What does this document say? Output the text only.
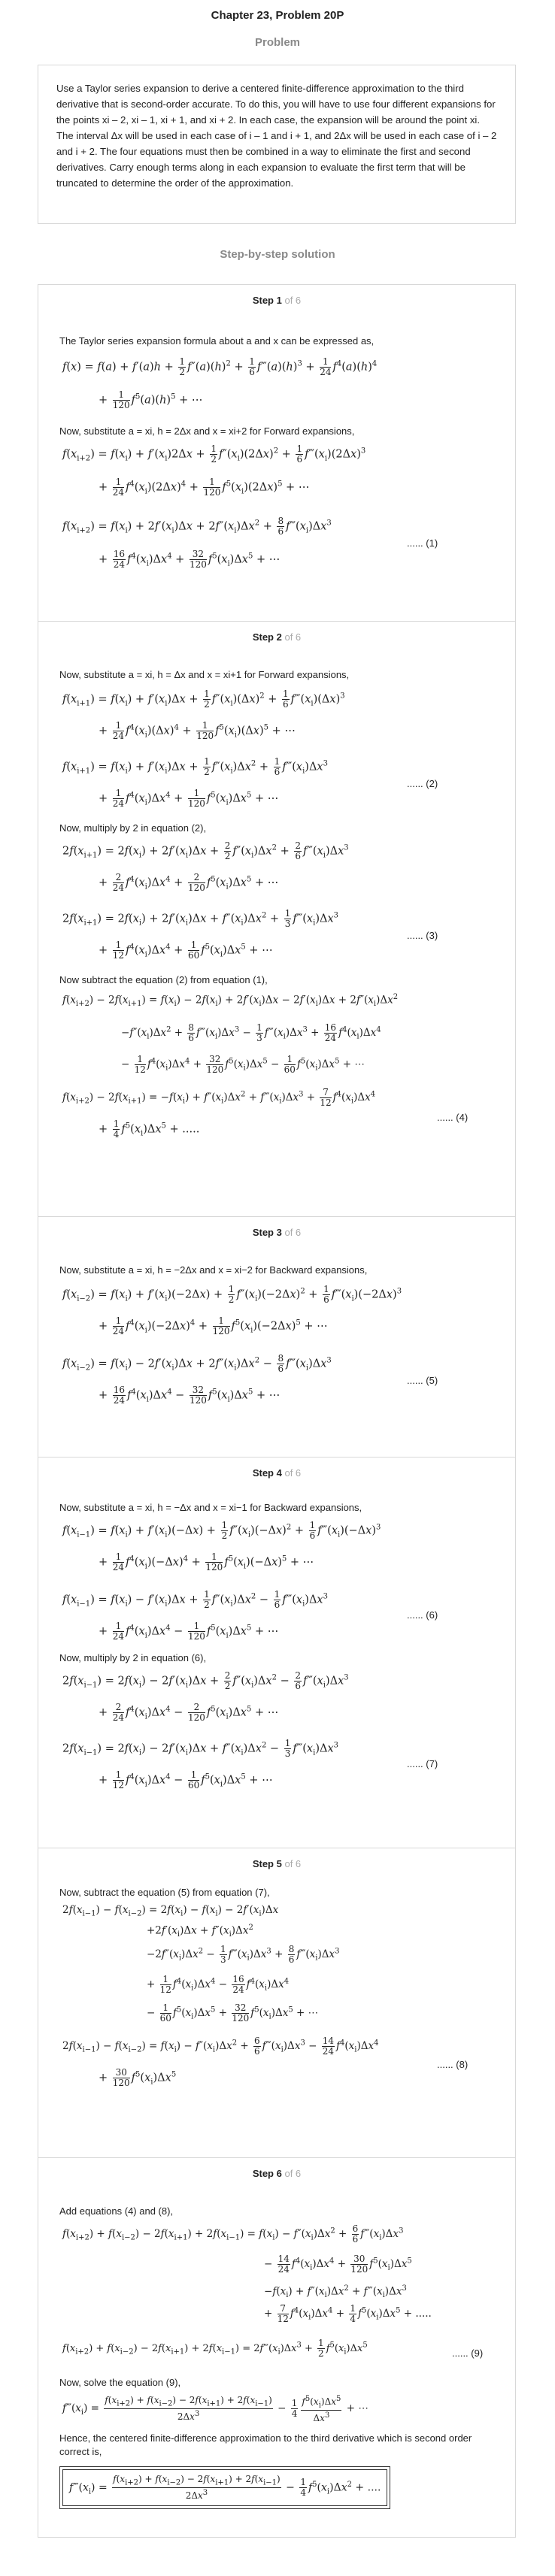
Chapter 23, Problem 20P
Problem
Use a Taylor series expansion to derive a centered finite-difference approximation to the third derivative that is second-order accurate. To do this, you will have to use four different expansions for the points xi – 2, xi – 1, xi + 1, and xi + 2. In each case, the expansion will be around the point xi. The interval Δx will be used in each case of i – 1 and i + 1, and 2Δx will be used in each case of i – 2 and i + 2. The four equations must then be combined in a way to eliminate the first and second derivatives. Carry enough terms along in each expansion to evaluate the first term that will be truncated to determine the order of the approximation.
Step-by-step solution
Step 1 of 6
The Taylor series expansion formula about a and x can be expressed as,
$f(x) = f(a) + f'(a)h + \frac{1}{2} f''(a)(h)^2 + \frac{1}{6}$ $f‴(a)(h)^3 + \frac{1}{24} f^4(a)(h)^4$
+ $\frac{1}{120} f^5(a)(h)^5$ + ⋯
Now, substitute a = xi, h = 2Δx and x = xi+2 for Forward expansions,
$f(x_{i+2}) = f(x_i) + f'(x_i)2\Delta x + \frac{1}{2} f''(x_i)(2\Delta x)^2 + \frac{1}{6}$ $f‴(x_i)(2\Delta x)^3$
+ $\frac{1}{24} f^4(x_i)(2\Delta x)^4 + \frac{1}{120} f^5(x_i)(2\Delta x)^5$ + ⋯
$f(x_{i+2}) = f(x_i) + 2f'(x_i)\Delta x + 2f''(x_i)\Delta x^2 + \frac{8}{6}$ $f‴(x_i)\Delta x^3$
+ $\frac{16}{24} f^4(x_i)\Delta x^4 + \frac{32}{120} f^5(x_i)\Delta x^5$ + ⋯
...... (1)
Step 2 of 6
Now, substitute a = xi, h = Δx and x = xi+1 for Forward expansions,
$f(x_{i+1}) = f(x_i) + f'(x_i)\Delta x + \frac{1}{2} f''(x_i)(\Delta x)^2 + \frac{1}{6}$ $f‴(x_i)(\Delta x)^3$
+ $\frac{1}{24} f^4(x_i)(\Delta x)^4 + \frac{1}{120} f^5(x_i)(\Delta x)^5$ + ⋯
$f(x_{i+1}) = f(x_i) + f'(x_i)\Delta x + \frac{1}{2} f''(x_i)\Delta x^2 + \frac{1}{6}$ $f‴(x_i)\Delta x^3$
+ $\frac{1}{24} f^4(x_i)\Delta x^4 + \frac{1}{120} f^5(x_i)\Delta x^5$ + ⋯
...... (2)
Now, multiply by 2 in equation (2),
$2f(x_{i+1}) = 2f(x_i) + 2f'(x_i)\Delta x + \frac{2}{2} f''(x_i)\Delta x^2 + \frac{2}{6}$ $f‴(x_i)\Delta x^3$
+ $\frac{2}{24} f^4(x_i)\Delta x^4 + \frac{2}{120} f^5(x_i)\Delta x^5$ + ⋯
$2f(x_{i+1}) = 2f(x_i) + 2f'(x_i)\Delta x + f''(x_i)\Delta x^2 + \frac{1}{3}$ $f‴(x_i)\Delta x^3$
+ $\frac{1}{12} f^4(x_i)\Delta x^4 + \frac{1}{60} f^5(x_i)\Delta x^5$ + ⋯
...... (3)
Now subtract the equation (2) from equation (1),
$f(x_{i+2}) - 2f(x_{i+1}) = f(x_i) - 2f(x_i) + 2f'(x_i)\Delta x - 2f'(x_i)\Delta x + 2f''(x_i)\Delta x^2$
$-f''(x_i)\Delta x^2 + \frac{8}{6}$ $f‴(x_i)\Delta x^3 - \frac{1}{3}$ $f‴(x_i)\Delta x^3 + \frac{16}{24} f^4(x_i)\Delta x^4$
− $\frac{1}{12} f^4(x_i)\Delta x^4 + \frac{32}{120} f^5(x_i)\Delta x^5 - \frac{1}{60} f^5(x_i)\Delta x^5$ + ⋯
$f(x_{i+2}) - 2f(x_{i+1}) = -f(x_i) + f''(x_i)\Delta x^2$ + $f‴(x_i)\Delta x^3 + \frac{7}{12} f^4(x_i)\Delta x^4$
+ $\frac{1}{4} f^5(x_i)\Delta x^5$ + .....
...... (4)
Step 3 of 6
Now, substitute a = xi, h = −2Δx and x = xi−2 for Backward expansions,
$f(x_{i-2}) = f(x_i) + f'(x_i)(-2\Delta x) + \frac{1}{2} f''(x_i)(-2\Delta x)^2 + \frac{1}{6}$ $f‴(x_i)(-2\Delta x)^3$
+ $\frac{1}{24} f^4(x_i)(-2\Delta x)^4 + \frac{1}{120} f^5(x_i)(-2\Delta x)^5$ + ⋯
$f(x_{i-2}) = f(x_i) - 2f'(x_i)\Delta x + 2f''(x_i)\Delta x^2 - \frac{8}{6}$ $f‴(x_i)\Delta x^3$
+ $\frac{16}{24} f^4(x_i)\Delta x^4 - \frac{32}{120} f^5(x_i)\Delta x^5$ + ⋯
...... (5)
Step 4 of 6
Now, substitute a = xi, h = −Δx and x = xi−1 for Backward expansions,
$f(x_{i-1}) = f(x_i) + f'(x_i)(-\Delta x) + \frac{1}{2} f''(x_i)(-\Delta x)^2 + \frac{1}{6}$ $f‴(x_i)(-\Delta x)^3$
+ $\frac{1}{24} f^4(x_i)(-\Delta x)^4 + \frac{1}{120} f^5(x_i)(-\Delta x)^5$ + ⋯
$f(x_{i-1}) = f(x_i) - f'(x_i)\Delta x + \frac{1}{2} f''(x_i)\Delta x^2 - \frac{1}{6}$ $f‴(x_i)\Delta x^3$
+ $\frac{1}{24} f^4(x_i)\Delta x^4 - \frac{1}{120} f^5(x_i)\Delta x^5$ + ⋯
...... (6)
Now, multiply by 2 in equation (6),
$2f(x_{i-1}) = 2f(x_i) - 2f'(x_i)\Delta x + \frac{2}{2} f''(x_i)\Delta x^2 - \frac{2}{6}$ $f‴(x_i)\Delta x^3$
+ $\frac{2}{24} f^4(x_i)\Delta x^4 - \frac{2}{120} f^5(x_i)\Delta x^5$ + ⋯
$2f(x_{i-1}) = 2f(x_i) - 2f'(x_i)\Delta x + f''(x_i)\Delta x^2 - \frac{1}{3}$ $f‴(x_i)\Delta x^3$
+ $\frac{1}{12} f^4(x_i)\Delta x^4 - \frac{1}{60} f^5(x_i)\Delta x^5$ + ⋯
...... (7)
Step 5 of 6
Now, subtract the equation (5) from equation (7),
$2f(x_{i-1}) - f(x_{i-2}) = 2f(x_i) - f(x_i) - 2f'(x_i)\Delta x$
$+2f'(x_i)\Delta x + f''(x_i)\Delta x^2$
$-2f''(x_i)\Delta x^2 - \frac{1}{3}$ $f‴(x_i)\Delta x^3 + \frac{8}{6}$ $f‴(x_i)\Delta x^3$
+ $\frac{1}{12} f^4(x_i)\Delta x^4 - \frac{16}{24} f^4(x_i)\Delta x^4$
− $\frac{1}{60} f^5(x_i)\Delta x^5 + \frac{32}{120} f^5(x_i)\Delta x^5$ + ⋯
$2f(x_{i-1}) - f(x_{i-2}) = f(x_i) - f''(x_i)\Delta x^2 + \frac{6}{6}$ $f‴(x_i)\Delta x^3 - \frac{14}{24} f^4(x_i)\Delta x^4$
+ $\frac{30}{120} f^5(x_i)\Delta x^5$
...... (8)
Step 6 of 6
Add equations (4) and (8),
$f(x_{i+2}) + f(x_{i-2}) - 2f(x_{i+1}) + 2f(x_{i-1}) = f(x_i) - f''(x_i)\Delta x^2 + \frac{6}{6}$ $f‴(x_i)\Delta x^3$
− $\frac{14}{24} f^4(x_i)\Delta x^4 + \frac{30}{120} f^5(x_i)\Delta x^5$
$-f(x_i) + f''(x_i)\Delta x^2$ + $f‴(x_i)\Delta x^3$
+ $\frac{7}{12} f^4(x_i)\Delta x^4 + \frac{1}{4} f^5(x_i)\Delta x^5$ + .....
$f(x_{i+2}) + f(x_{i-2}) - 2f(x_{i+1}) + 2f(x_{i-1})$ = $2f‴(x_i)\Delta x^3 + \frac{1}{2} f^5(x_i)\Delta x^5$
...... (9)
Now, solve the equation (9),
$f‴(x_i) = \frac{f(x_{i+2}) + f(x_{i-2}) - 2f(x_{i+1}) + 2f(x_{i-1})}{2\Delta x^3} - \frac{1}{4} \frac{f^5(x_i)\Delta x^5}{\Delta x^3}$ + ⋯
Hence, the centered finite-difference approximation to the third derivative which is second order correct is,
$f‴(x_i) = \frac{f(x_{i+2}) + f(x_{i-2}) - 2f(x_{i+1}) + 2f(x_{i-1})}{2\Delta x^3} - \frac{1}{4} f^5(x_i)\Delta x^2$ + ....
